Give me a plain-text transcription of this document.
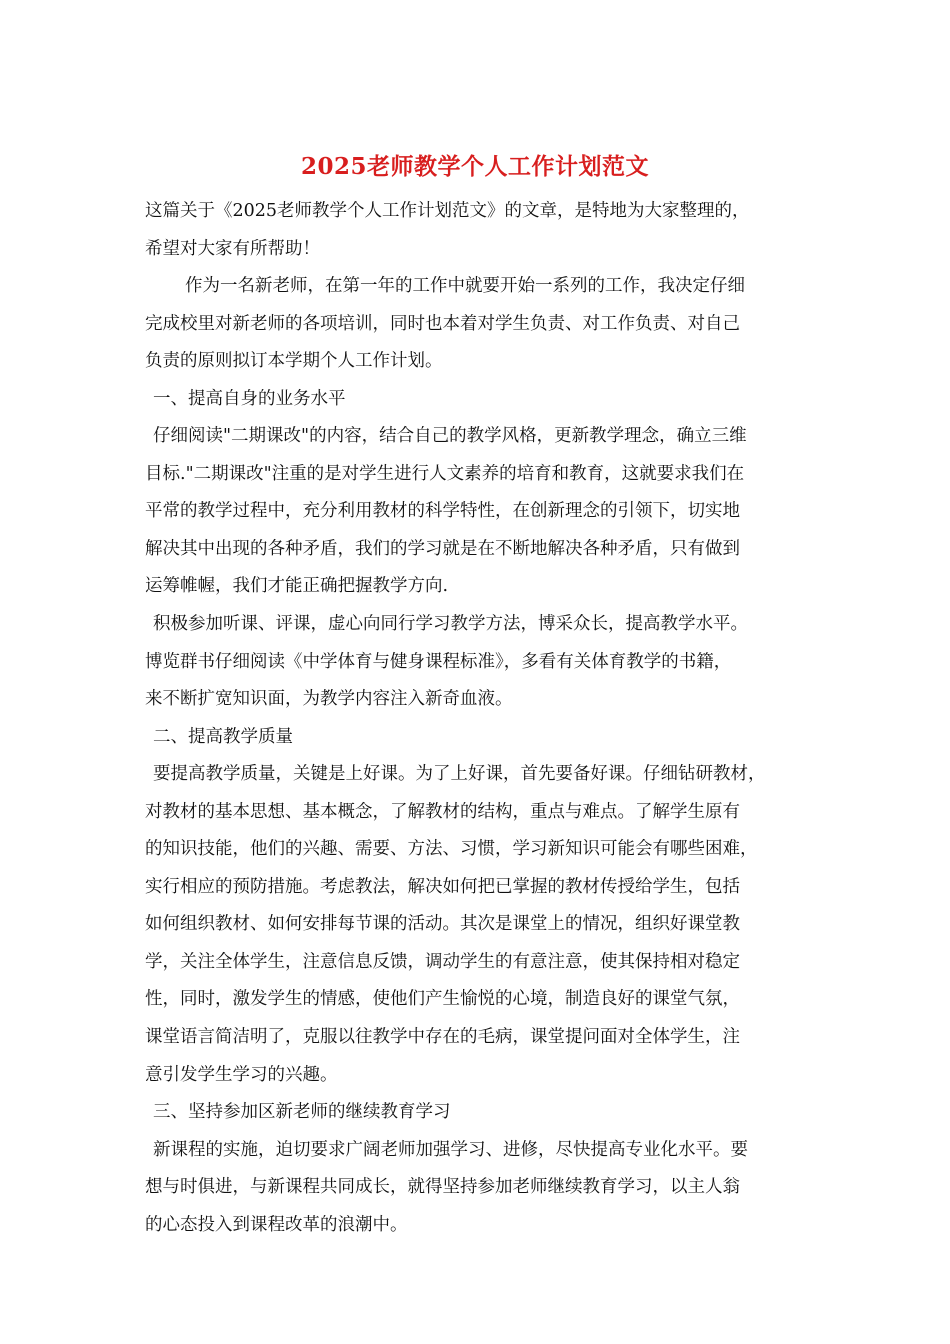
2025老师教学个人工作计划范文
这篇关于《2025老师教学个人工作计划范文》的文章，是特地为大家整理的，
希望对大家有所帮助！
作为一名新老师，在第一年的工作中就要开始一系列的工作，我决定仔细
完成校里对新老师的各项培训，同时也本着对学生负责、对工作负责、对自己
负责的原则拟订本学期个人工作计划。
一、提高自身的业务水平
仔细阅读"二期课改"的内容，结合自己的教学风格，更新教学理念，确立三维
目标."二期课改"注重的是对学生进行人文素养的培育和教育，这就要求我们在
平常的教学过程中，充分利用教材的科学特性，在创新理念的引领下，切实地
解决其中出现的各种矛盾，我们的学习就是在不断地解决各种矛盾，只有做到
运筹帷幄，我们才能正确把握教学方向.
积极参加听课、评课，虚心向同行学习教学方法，博采众长，提高教学水平。
博览群书仔细阅读《中学体育与健身课程标准》，多看有关体育教学的书籍，
来不断扩宽知识面，为教学内容注入新奇血液。
二、提高教学质量
要提高教学质量，关键是上好课。为了上好课，首先要备好课。仔细钻研教材，
对教材的基本思想、基本概念，了解教材的结构，重点与难点。了解学生原有
的知识技能，他们的兴趣、需要、方法、习惯，学习新知识可能会有哪些困难，
实行相应的预防措施。考虑教法，解决如何把已掌握的教材传授给学生，包括
如何组织教材、如何安排每节课的活动。其次是课堂上的情况，组织好课堂教
学，关注全体学生，注意信息反馈，调动学生的有意注意，使其保持相对稳定
性，同时，激发学生的情感，使他们产生愉悦的心境，制造良好的课堂气氛，
课堂语言简洁明了，克服以往教学中存在的毛病，课堂提问面对全体学生，注
意引发学生学习的兴趣。
三、坚持参加区新老师的继续教育学习
新课程的实施，迫切要求广阔老师加强学习、进修，尽快提高专业化水平。要
想与时俱进，与新课程共同成长，就得坚持参加老师继续教育学习，以主人翁
的心态投入到课程改革的浪潮中。
